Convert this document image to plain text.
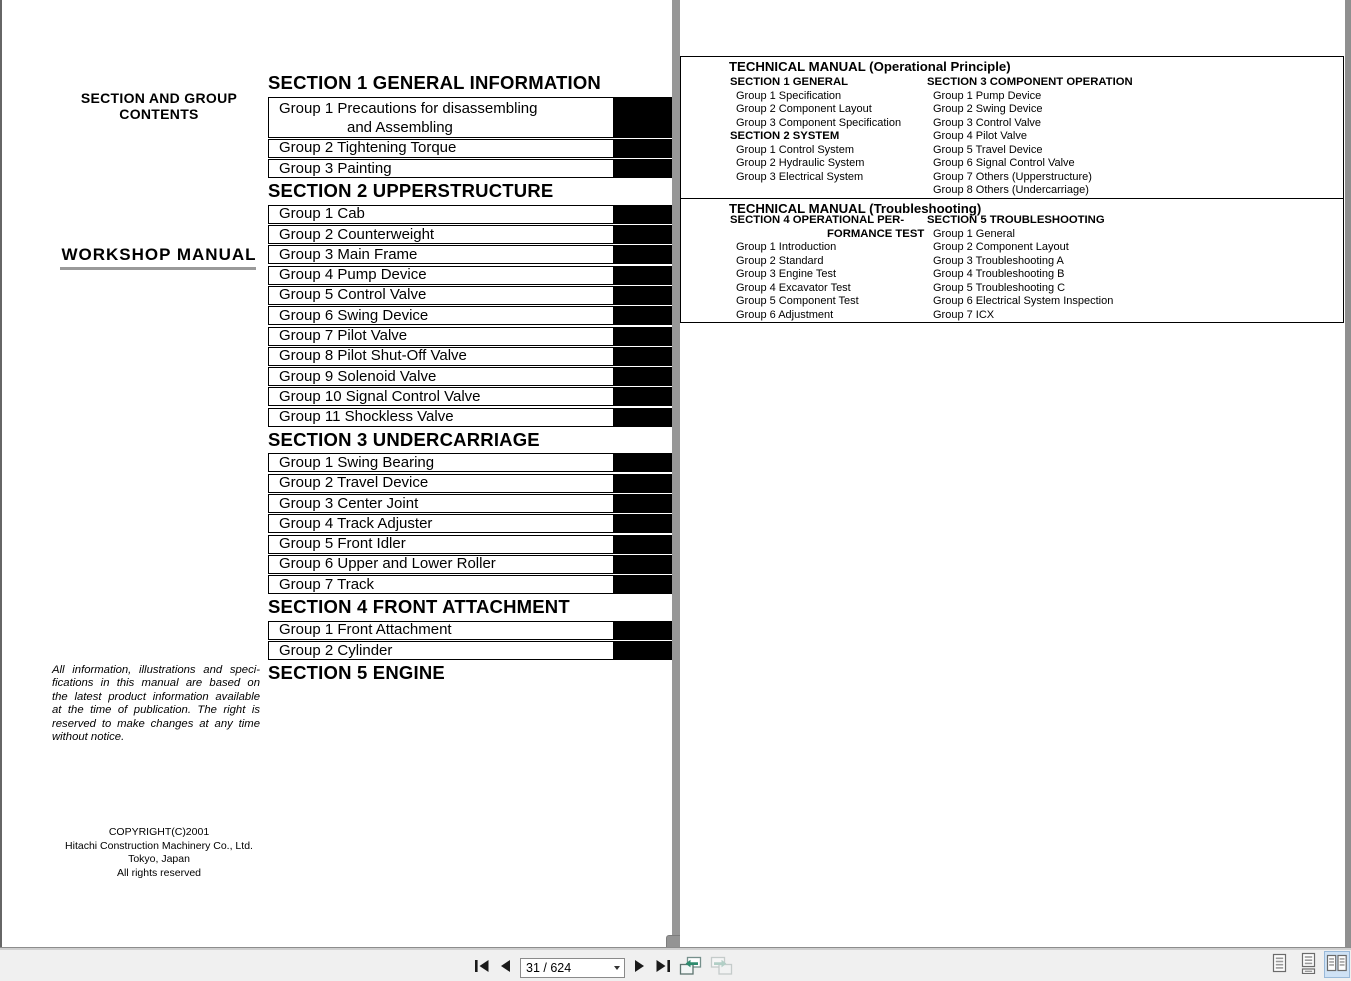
SECTION AND GROUP
CONTENTS
WORKSHOP MANUAL
SECTION 1 GENERAL INFORMATION
Group 1 Precautions for disassembling
and Assembling
Group 2 Tightening Torque
Group 3 Painting
SECTION 2 UPPERSTRUCTURE
Group 1 Cab
Group 2 Counterweight
Group 3 Main Frame
Group 4 Pump Device
Group 5 Control Valve
Group 6 Swing Device
Group 7 Pilot Valve
Group 8 Pilot Shut-Off Valve
Group 9 Solenoid Valve
Group 10 Signal Control Valve
Group 11 Shockless Valve
SECTION 3 UNDERCARRIAGE
Group 1 Swing Bearing
Group 2 Travel Device
Group 3 Center Joint
Group 4 Track Adjuster
Group 5 Front Idler
Group 6 Upper and Lower Roller
Group 7 Track
SECTION 4 FRONT ATTACHMENT
Group 1 Front Attachment
Group 2 Cylinder
SECTION 5 ENGINE
All information, illustrations and speci-
fications in this manual are based on
the latest product information available
at the time of publication. The right is
reserved to make changes at any time
without notice.
COPYRIGHT(C)2001
Hitachi Construction Machinery Co., Ltd.
Tokyo, Japan
All rights reserved
TECHNICAL MANUAL (Operational Principle)
SECTION 1 GENERAL
Group 1 Specification
Group 2 Component Layout
Group 3 Component Specification
SECTION 2 SYSTEM
Group 1 Control System
Group 2 Hydraulic System
Group 3 Electrical System
SECTION 3 COMPONENT OPERATION
Group 1 Pump Device
Group 2 Swing Device
Group 3 Control Valve
Group 4 Pilot Valve
Group 5 Travel Device
Group 6 Signal Control Valve
Group 7 Others (Upperstructure)
Group 8 Others (Undercarriage)
TECHNICAL MANUAL (Troubleshooting)
SECTION 4 OPERATIONAL PER-
FORMANCE TEST
Group 1 Introduction
Group 2 Standard
Group 3 Engine Test
Group 4 Excavator Test
Group 5 Component Test
Group 6 Adjustment
SECTION 5 TROUBLESHOOTING
Group 1 General
Group 2 Component Layout
Group 3 Troubleshooting A
Group 4 Troubleshooting B
Group 5 Troubleshooting C
Group 6 Electrical System Inspection
Group 7 ICX
31 / 624
